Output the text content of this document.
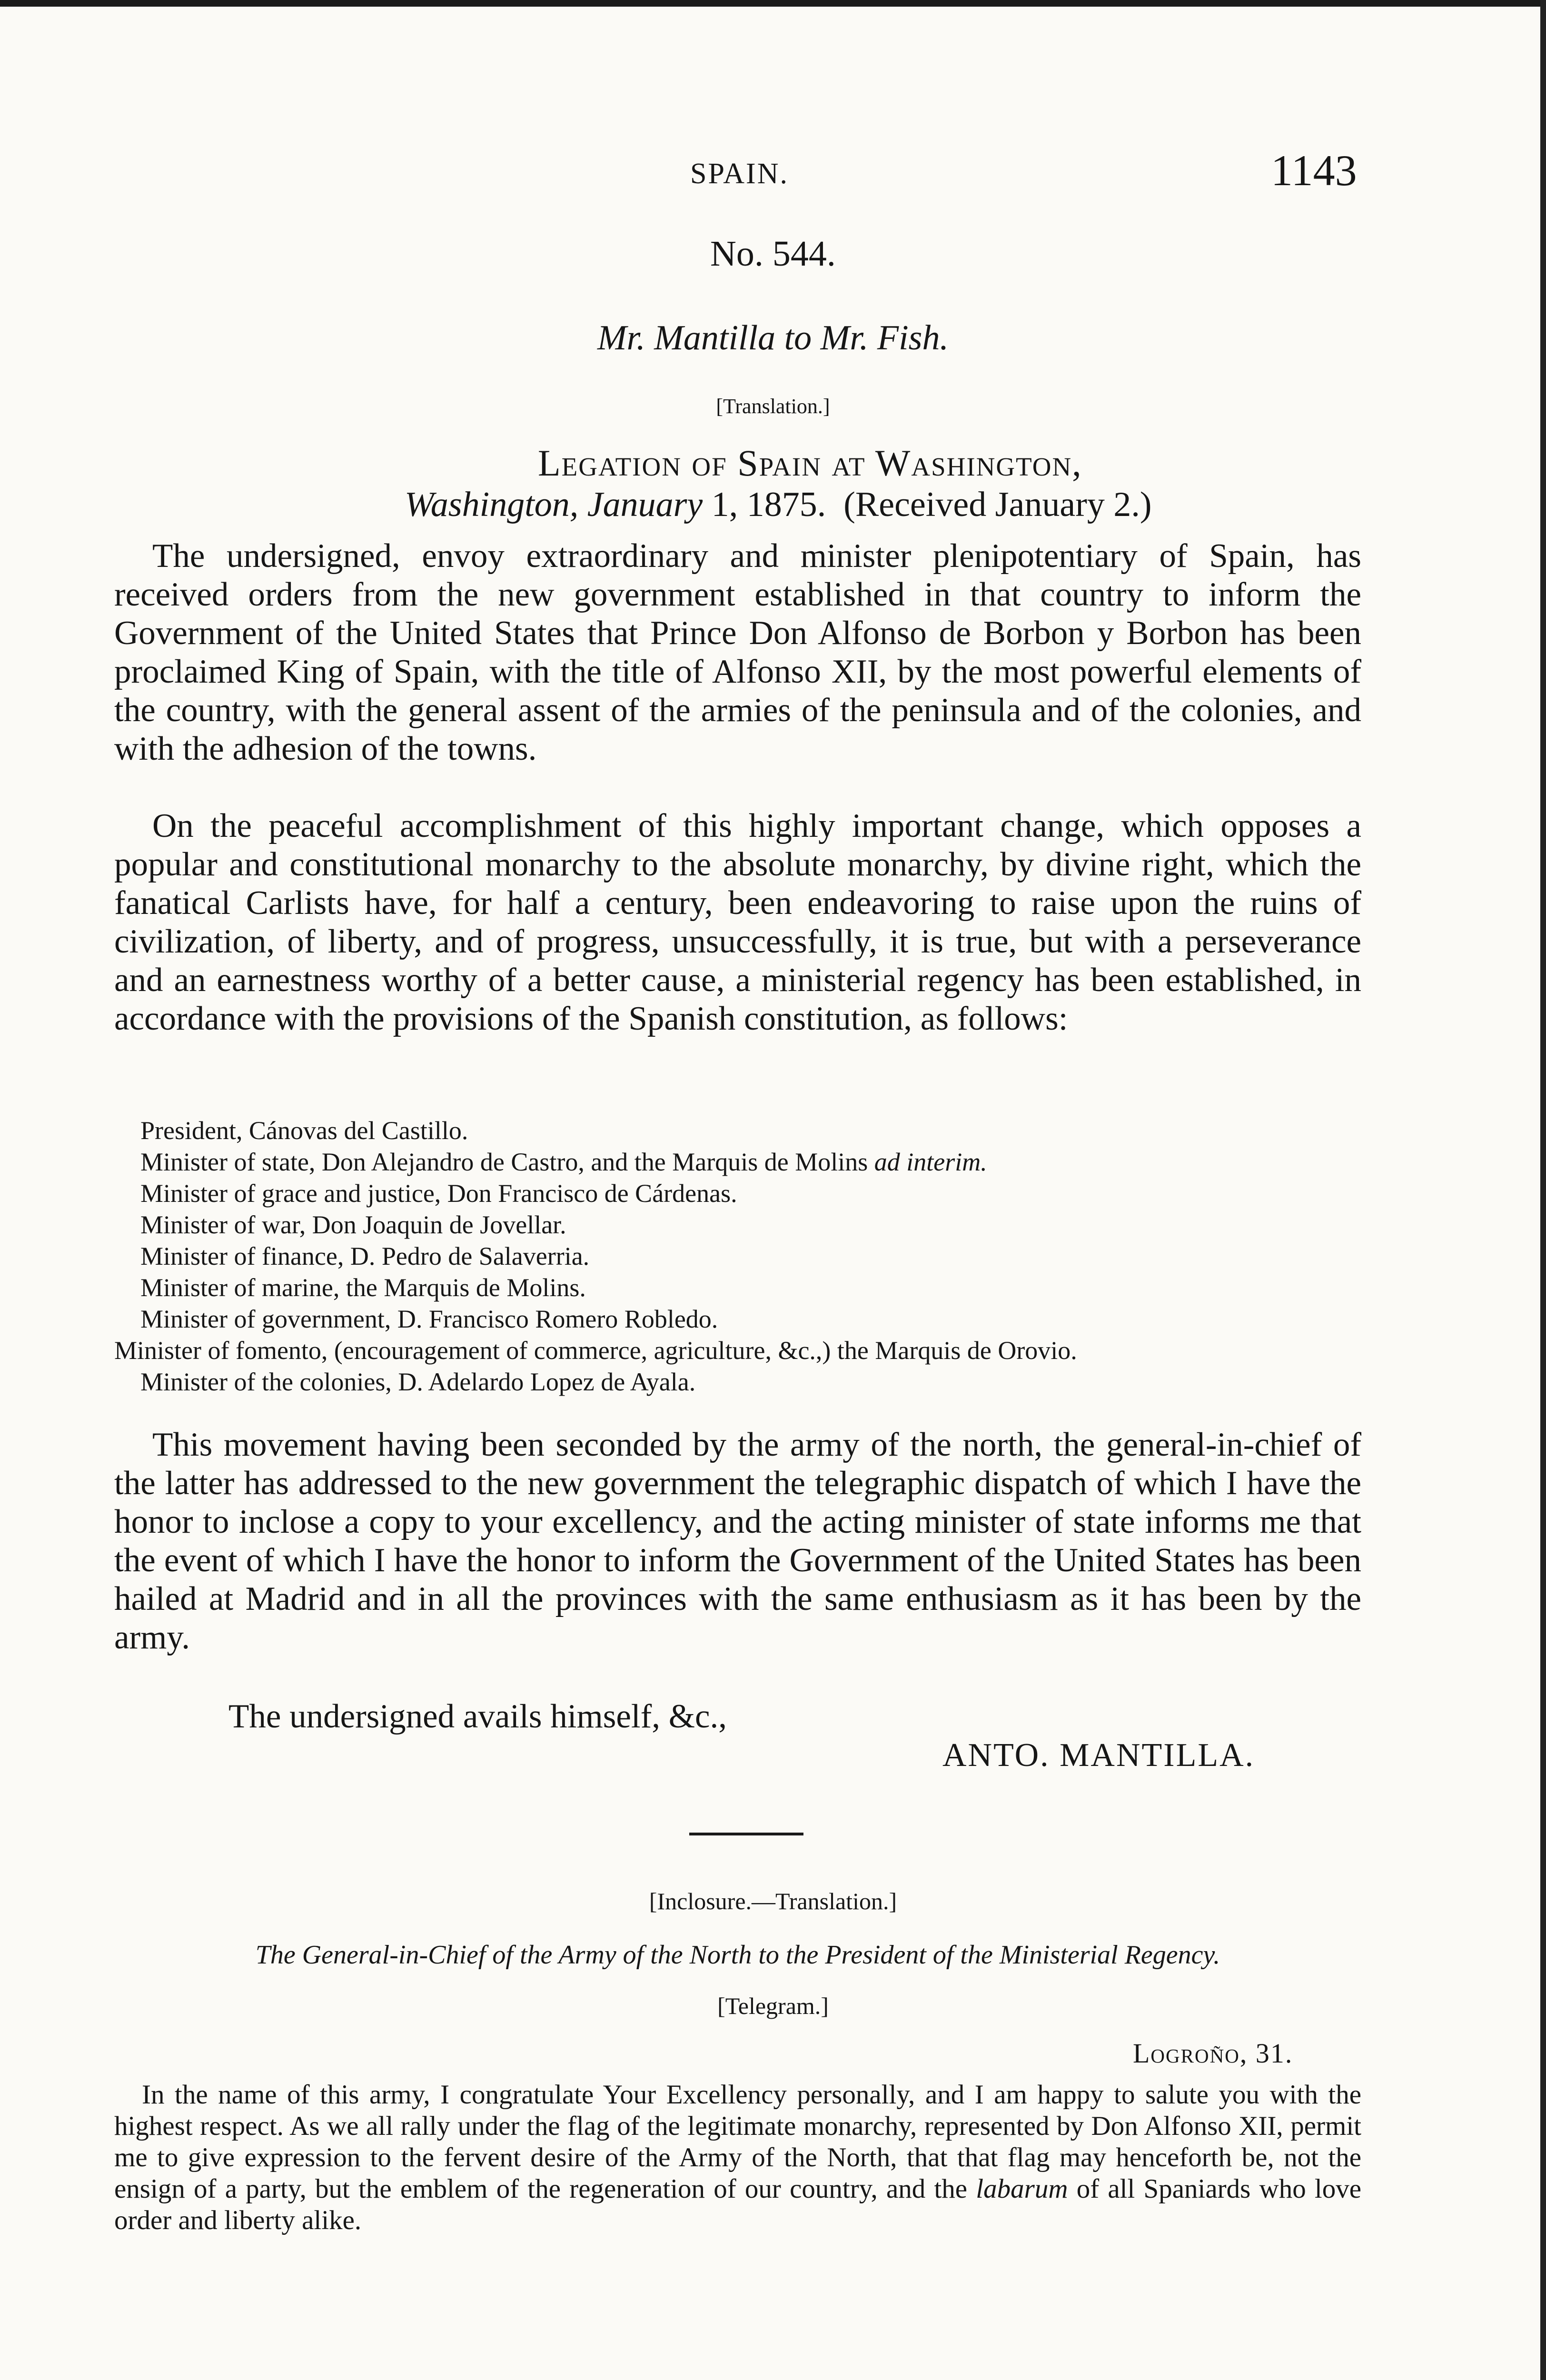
SPAIN.	1143
No. 544.
Mr. Mantilla to Mr. Fish.
[Translation.]
Legation of Spain at Washington,
Washington, January 1, 1875. (Received January 2.)

The undersigned, envoy extraordinary and minister plenipotentiary of Spain, has received orders from the new government established in that country to inform the Government of the United States that Prince Don Alfonso de Borbon y Borbon has been proclaimed King of Spain, with the title of Alfonso XII, by the most powerful elements of the country, with the general assent of the armies of the peninsula and of the colonies, and with the adhesion of the towns.

On the peaceful accomplishment of this highly important change, which opposes a popular and constitutional monarchy to the absolute monarchy, by divine right, which the fanatical Carlists have, for half a century, been endeavoring to raise upon the ruins of civilization, of liberty, and of progress, unsuccessfully, it is true, but with a perseverance and an earnestness worthy of a better cause, a ministerial regency has been established, in accordance with the provisions of the Spanish constitution, as follows:

President, Cánovas del Castillo.
Minister of state, Don Alejandro de Castro, and the Marquis de Molins ad interim.
Minister of grace and justice, Don Francisco de Cárdenas.
Minister of war, Don Joaquin de Jovellar.
Minister of finance, D. Pedro de Salaverria.
Minister of marine, the Marquis de Molins.
Minister of government, D. Francisco Romero Robledo.
Minister of fomento, (encouragement of commerce, agriculture, &c.,) the Marquis de Orovio.
Minister of the colonies, D. Adelardo Lopez de Ayala.

This movement having been seconded by the army of the north, the general-in-chief of the latter has addressed to the new government the telegraphic dispatch of which I have the honor to inclose a copy to your excellency, and the acting minister of state informs me that the event of which I have the honor to inform the Government of the United States has been hailed at Madrid and in all the provinces with the same enthusiasm as it has been by the army.

The undersigned avails himself, &c.,
ANTO. MANTILLA.
[Inclosure.—Translation.]
The General-in-Chief of the Army of the North to the President of the Ministerial Regency.
[Telegram.]
Logroño, 31.

In the name of this army, I congratulate Your Excellency personally, and I am happy to salute you with the highest respect. As we all rally under the flag of the legitimate monarchy, represented by Don Alfonso XII, permit me to give expression to the fervent desire of the Army of the North, that that flag may henceforth be, not the ensign of a party, but the emblem of the regeneration of our country, and the labarum of all Spaniards who love order and liberty alike.
